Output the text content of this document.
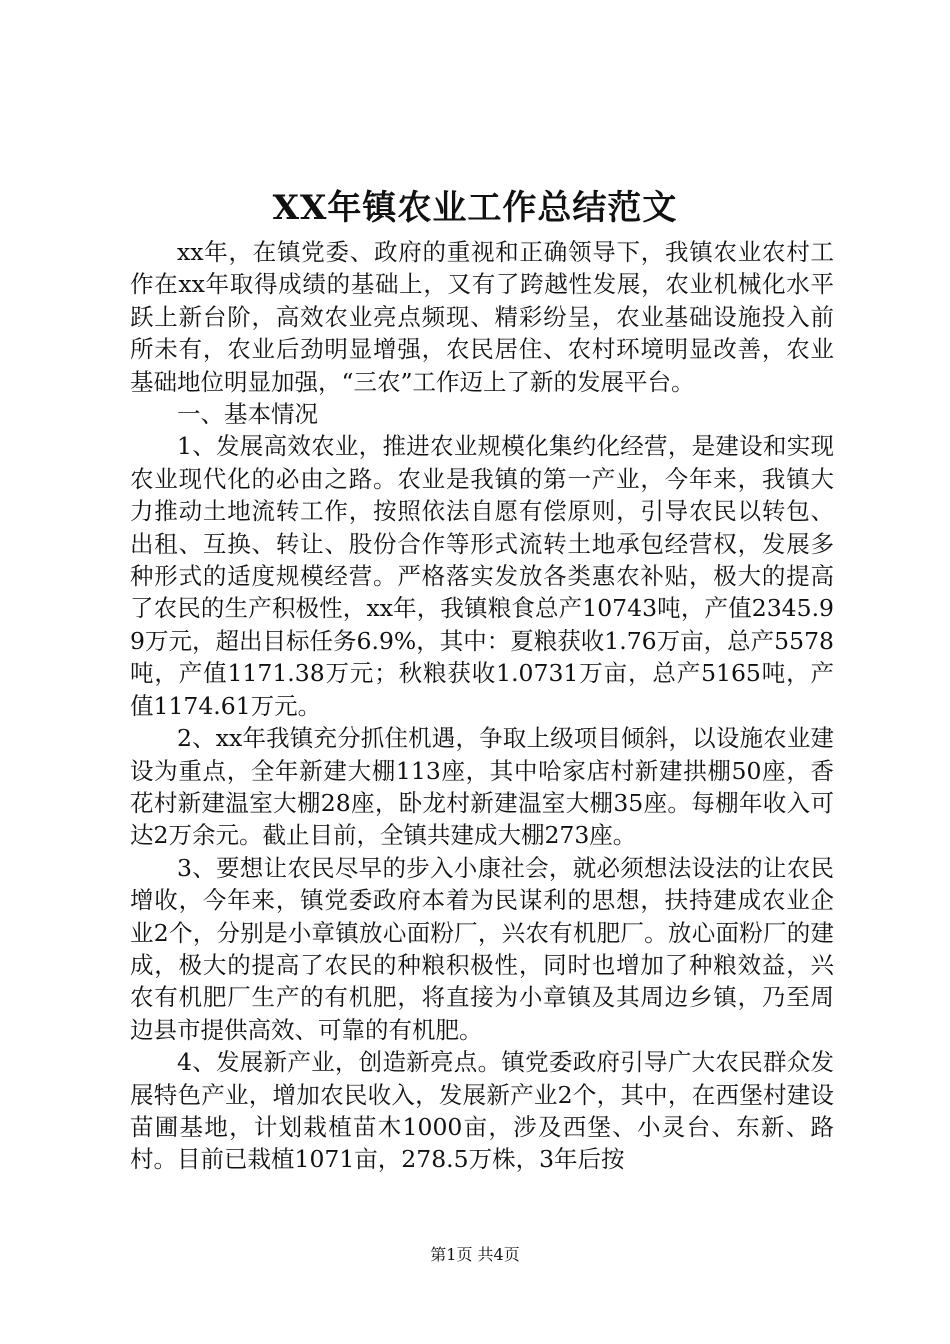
XX年镇农业工作总结范文

xx年，在镇党委、政府的重视和正确领导下，我镇农业农村工作在xx年取得成绩的基础上，又有了跨越性发展，农业机械化水平跃上新台阶，高效农业亮点频现、精彩纷呈，农业基础设施投入前所未有，农业后劲明显增强，农民居住、农村环境明显改善，农业基础地位明显加强，“三农”工作迈上了新的发展平台。

一、基本情况

1、发展高效农业，推进农业规模化集约化经营，是建设和实现农业现代化的必由之路。农业是我镇的第一产业，今年来，我镇大力推动土地流转工作，按照依法自愿有偿原则，引导农民以转包、出租、互换、转让、股份合作等形式流转土地承包经营权，发展多种形式的适度规模经营。严格落实发放各类惠农补贴，极大的提高了农民的生产积极性，xx年，我镇粮食总产10743吨，产值2345.99万元，超出目标任务6.9%，其中：夏粮获收1.76万亩，总产5578吨，产值1171.38万元；秋粮获收1.0731万亩，总产5165吨，产值1174.61万元。

2、xx年我镇充分抓住机遇，争取上级项目倾斜，以设施农业建设为重点，全年新建大棚113座，其中哈家店村新建拱棚50座，香花村新建温室大棚28座，卧龙村新建温室大棚35座。每棚年收入可达2万余元。截止目前，全镇共建成大棚273座。

3、要想让农民尽早的步入小康社会，就必须想法设法的让农民增收，今年来，镇党委政府本着为民谋利的思想，扶持建成农业企业2个，分别是小章镇放心面粉厂，兴农有机肥厂。放心面粉厂的建成，极大的提高了农民的种粮积极性，同时也增加了种粮效益，兴农有机肥厂生产的有机肥，将直接为小章镇及其周边乡镇，乃至周边县市提供高效、可靠的有机肥。

4、发展新产业，创造新亮点。镇党委政府引导广大农民群众发展特色产业，增加农民收入，发展新产业2个，其中，在西堡村建设苗圃基地，计划栽植苗木1000亩，涉及西堡、小灵台、东新、路村。目前已栽植1071亩，278.5万株，3年后按

第1页 共4页
